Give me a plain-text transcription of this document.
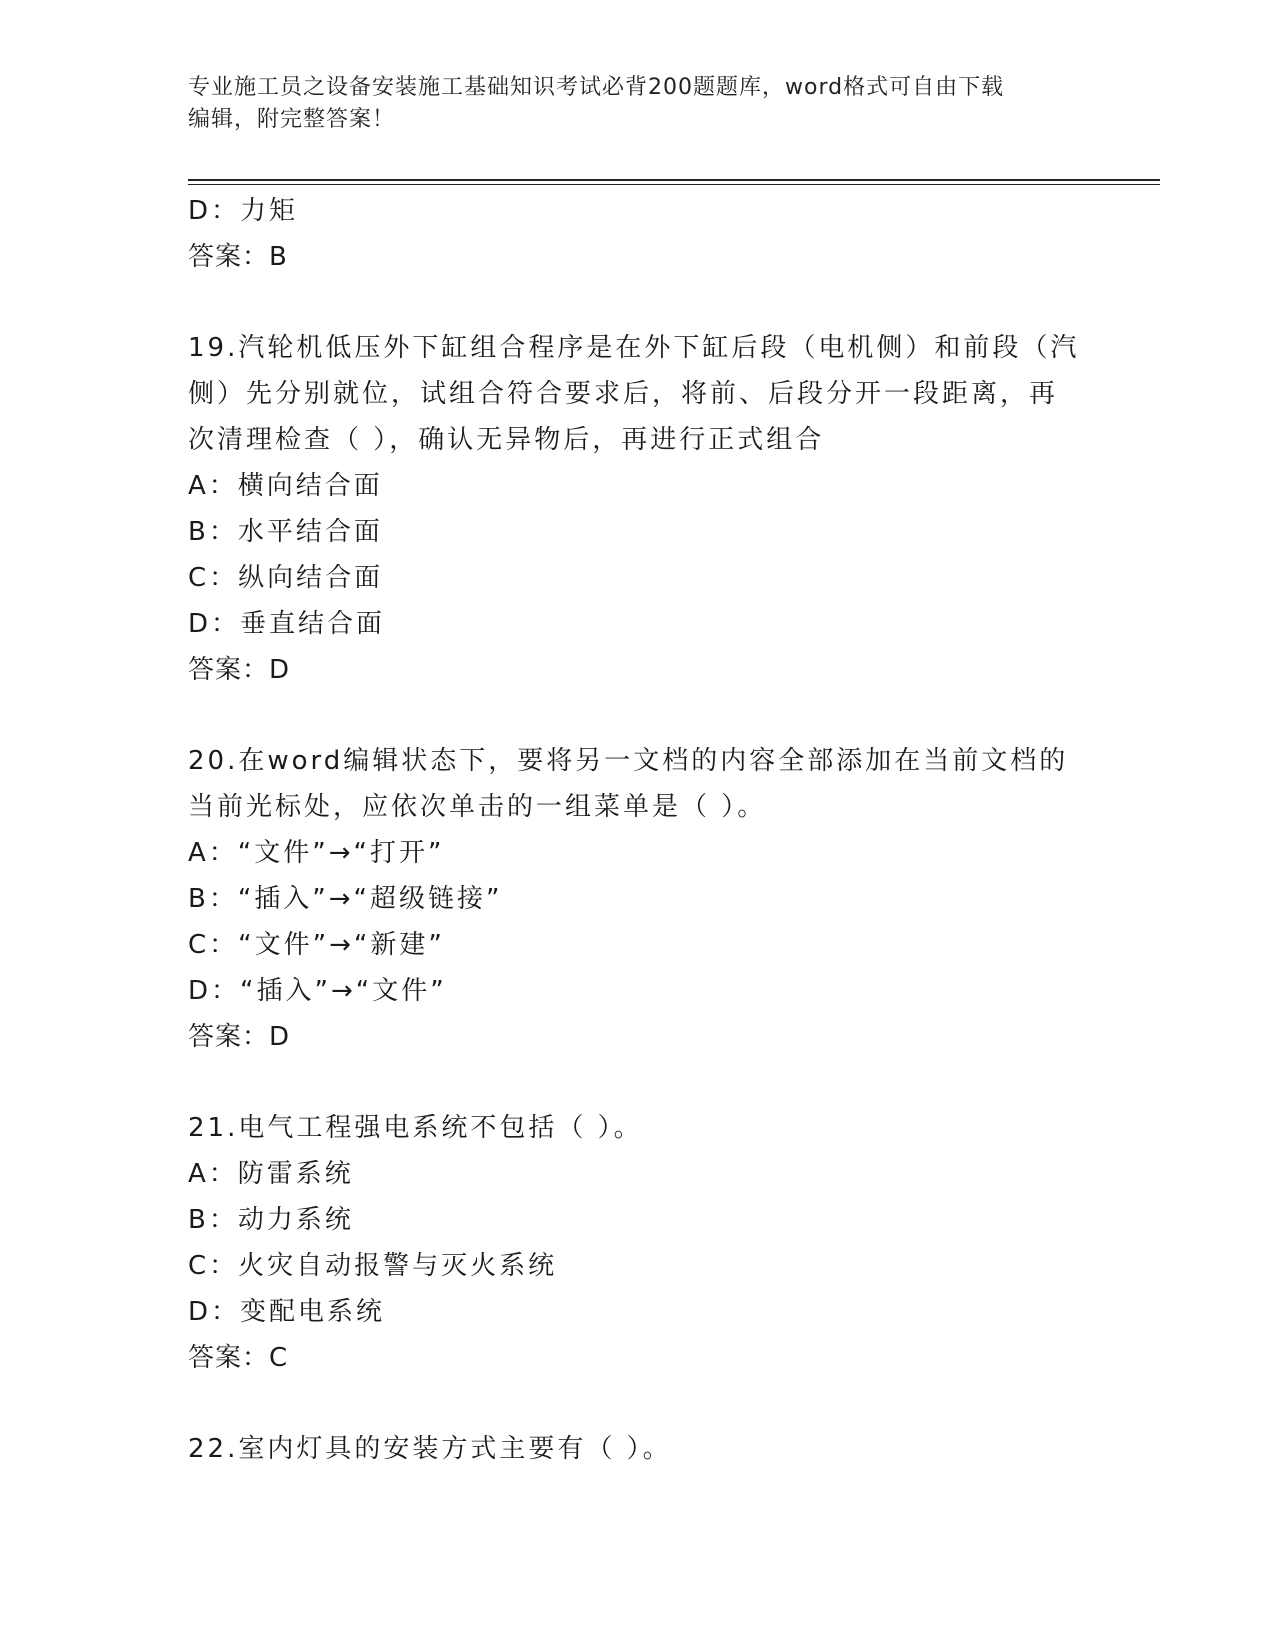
专业施工员之设备安装施工基础知识考试必背200题题库，word格式可自由下载
编辑，附完整答案！
D：力矩
答案：B
19.汽轮机低压外下缸组合程序是在外下缸后段（电机侧）和前段（汽
侧）先分别就位，试组合符合要求后，将前、后段分开一段距离，再
次清理检查（ ），确认无异物后，再进行正式组合
A：横向结合面
B：水平结合面
C：纵向结合面
D：垂直结合面
答案：D
20.在word编辑状态下，要将另一文档的内容全部添加在当前文档的
当前光标处，应依次单击的一组菜单是（ ）。
A：“文件”→“打开”
B：“插入”→“超级链接”
C：“文件”→“新建”
D：“插入”→“文件”
答案：D
21.电气工程强电系统不包括（ ）。
A：防雷系统
B：动力系统
C：火灾自动报警与灭火系统
D：变配电系统
答案：C
22.室内灯具的安装方式主要有（ ）。
